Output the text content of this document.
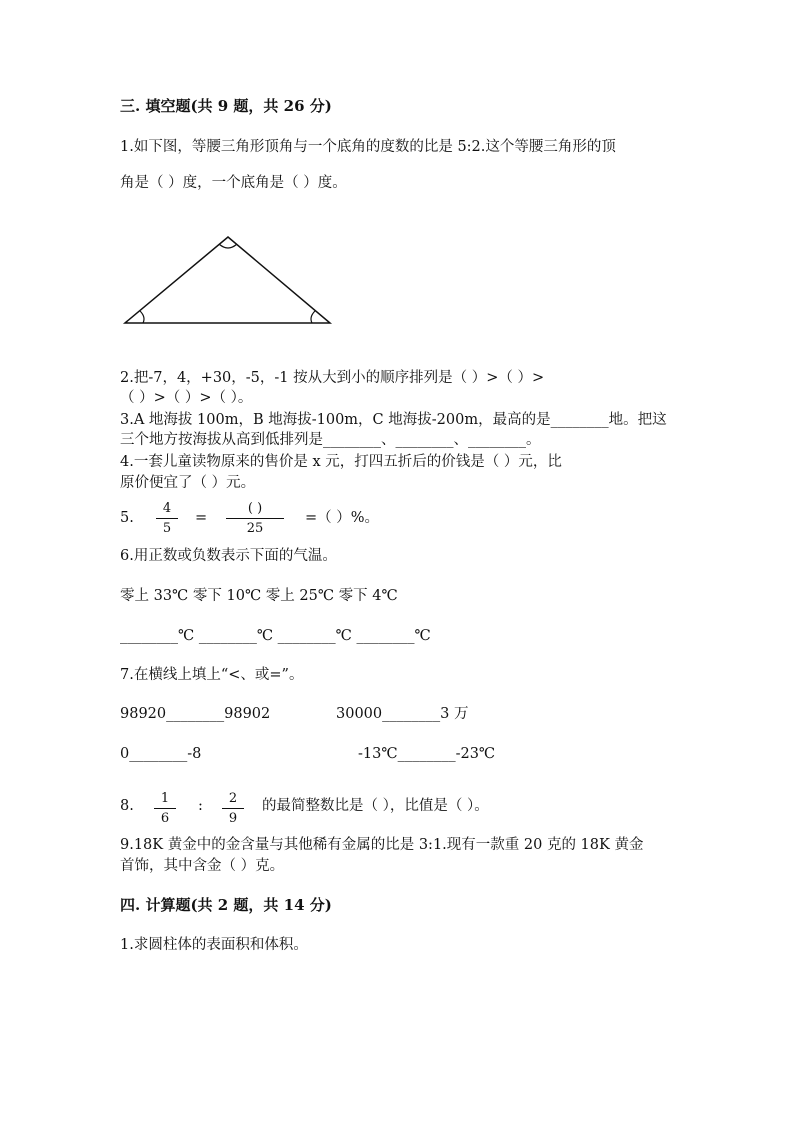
三. 填空题(共 9 题，共 26 分)
1.如下图，等腰三角形顶角与一个底角的度数的比是 5:2.这个等腰三角形的顶
角是（ ）度，一个底角是（ ）度。
2.把-7，4，+30，-5，-1 按从大到小的顺序排列是（ ）>（ ）>
（ ）>（ ）>（ ）。
3.A 地海拔 100m，B 地海拔-100m，C 地海拔-200m，最高的是________地。把这
三个地方按海拔从高到低排列是________、________、________。
4.一套儿童读物原来的售价是 x 元，打四五折后的价钱是（ ）元，比
原价便宜了（ ）元。
5.
4
5
=
( )
25
=（ ）%。
6.用正数或负数表示下面的气温。
零上 33℃ 零下 10℃ 零上 25℃ 零下 4℃
________℃ ________℃ ________℃ ________℃
7.在横线上填上“<、或=”。
98920________98902	30000________3 万
0________-8	-13℃________-23℃
8.	1
6
:	2
9
的最简整数比是（ ），比值是（ ）。
9.18K 黄金中的金含量与其他稀有金属的比是 3:1.现有一款重 20 克的 18K 黄金
首饰，其中含金（ ）克。
四. 计算题(共 2 题，共 14 分)
1.求圆柱体的表面积和体积。
